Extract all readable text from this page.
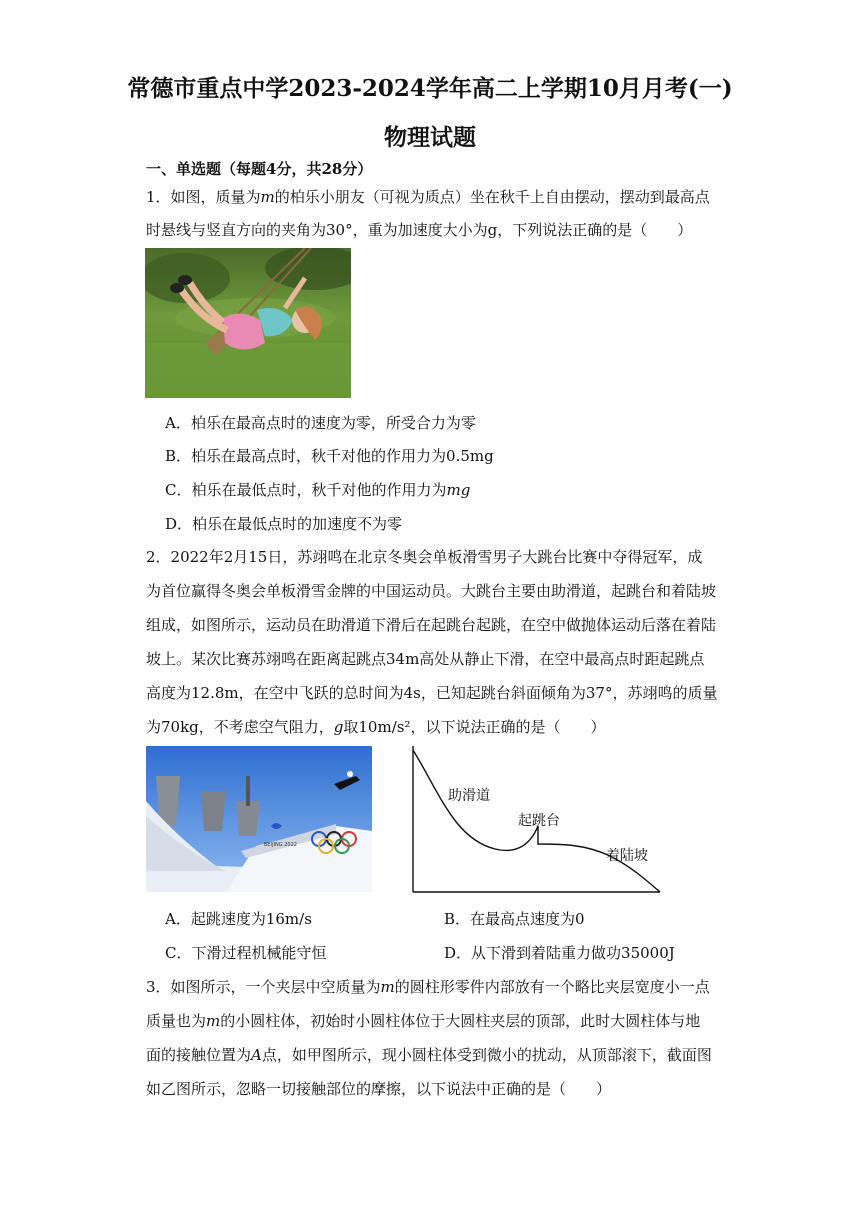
常德市重点中学2023-2024学年高二上学期10月月考(一)
物理试题
一、单选题（每题4分，共28分）
1．如图，质量为m的柏乐小朋友（可视为质点）坐在秋千上自由摆动，摆动到最高点
时悬线与竖直方向的夹角为30°，重为加速度大小为g，下列说法正确的是（　　）
A．柏乐在最高点时的速度为零，所受合力为零
B．柏乐在最高点时，秋千对他的作用力为0.5mg
C．柏乐在最低点时，秋千对他的作用力为mg
D．柏乐在最低点时的加速度不为零
2．2022年2月15日，苏翊鸣在北京冬奥会单板滑雪男子大跳台比赛中夺得冠军，成
为首位赢得冬奥会单板滑雪金牌的中国运动员。大跳台主要由助滑道，起跳台和着陆坡
组成，如图所示，运动员在助滑道下滑后在起跳台起跳，在空中做抛体运动后落在着陆
坡上。某次比赛苏翊鸣在距离起跳点34m高处从静止下滑，在空中最高点时距起跳点
高度为12.8m，在空中飞跃的总时间为4s，已知起跳台斜面倾角为37°，苏翊鸣的质量
为70kg，不考虑空气阻力，g取10m/s²，以下说法正确的是（　　）
BEIJING 2022
助滑道
起跳台
着陆坡
A．起跳速度为16m/s	B．在最高点速度为0
C．下滑过程机械能守恒	D．从下滑到着陆重力做功35000J
3．如图所示，一个夹层中空质量为m的圆柱形零件内部放有一个略比夹层宽度小一点
质量也为m的小圆柱体，初始时小圆柱体位于大圆柱夹层的顶部，此时大圆柱体与地
面的接触位置为A点，如甲图所示，现小圆柱体受到微小的扰动，从顶部滚下，截面图
如乙图所示，忽略一切接触部位的摩擦，以下说法中正确的是（　　）
